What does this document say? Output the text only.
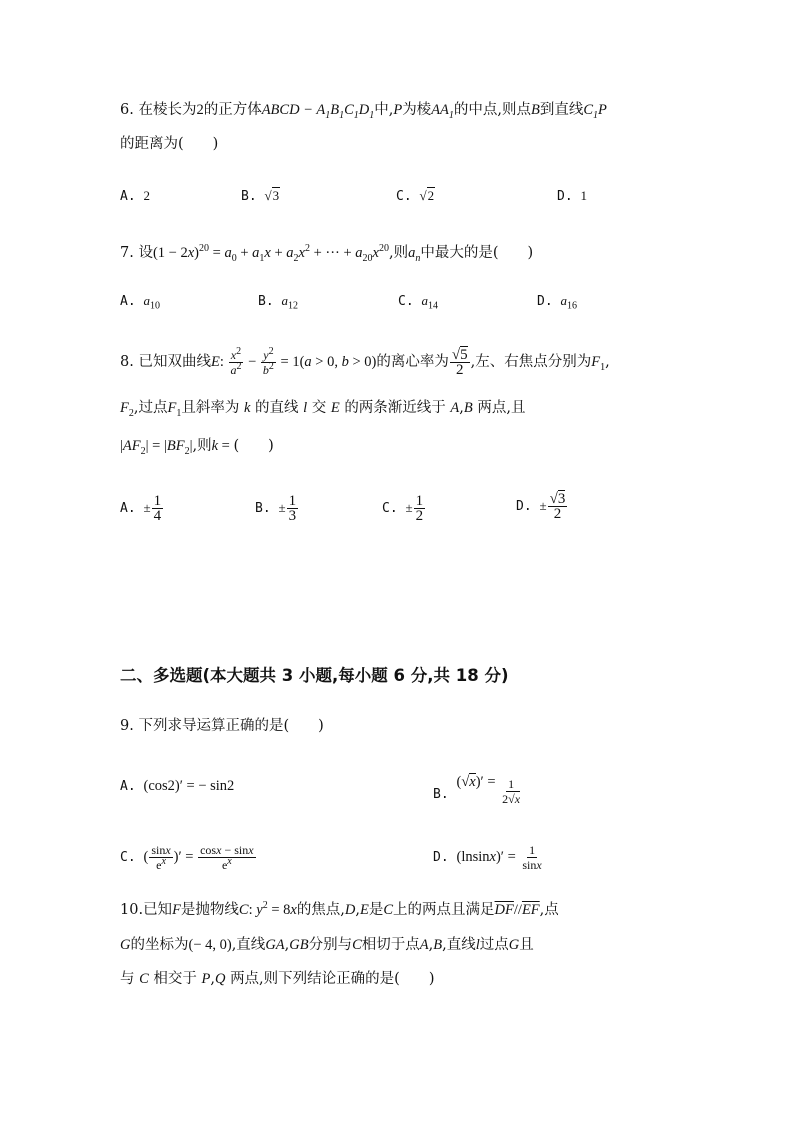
6. 在棱长为2的正方体ABCD − $A_1B_1C_1D_1$中,P为棱$AA_1$的中点,则点B到直线$C_1P$
的距离为(　　)
A. 2	B. √3	C. √2	D. 1
7. 设$(1 - 2x)^{20} = a_0 + a_1x + a_2x^2$ + ··· + $a_{20}x^{20}$,则$a_n$中最大的是(　　)
A. $a_{10}$	B. $a_{12}$	C. $a_{14}$	D. $a_{16}$
8. 已知双曲线E: $\frac{x^2}{a^2} - \frac{y^2}{b^2} = 1(a > 0$, b > 0)的离心率为 $\frac{√5}{2}$ ,左、右焦点分别为$F_1$,
$F_2$,过点$F_1$且斜率为 k 的直线 l 交 E 的两条渐近线于 A,B 两点,且
$|AF_2| = |BF_2|$,则k = (　　)
A. ± $\frac{1}{4}$	B. ± $\frac{1}{3}$	C. ± $\frac{1}{2}$	D. ± $\frac{√3}{2}$
二、多选题(本大题共 3 小题,每小题 6 分,共 18 分)
9. 下列求导运算正确的是(　　)
A. (cos2)′ = − sin2
B. $(√x)' = \frac{1}{2√x}$
C. ( $\frac{\sin x}{e^x}$ )′ = $\frac{\cos x - \sin x}{e^x}$	D. $(lnsinx)' = \frac{1}{\sin x}$
10.已知F是抛物线C: $y^2 = 8x$的焦点,D,E是C上的两点且满足$\overline{DF}//\overline{EF}$,点
G的坐标为(− 4, 0),直线GA,GB分别与C相切于点A,B,直线l过点G且
与 C 相交于 P,Q 两点,则下列结论正确的是(　　)
